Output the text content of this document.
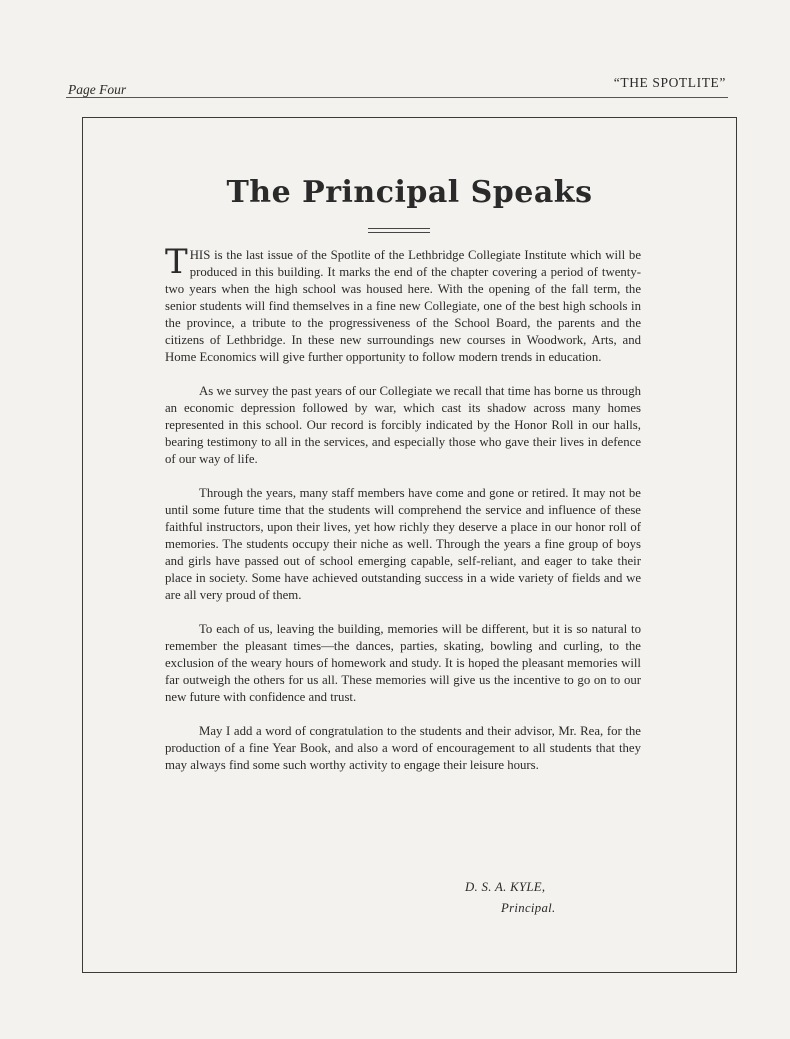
Page Four	“THE SPOTLITE”
The Principal Speaks

THIS is the last issue of the Spotlite of the Lethbridge Collegiate Institute which will be produced in this building. It marks the end of the chapter covering a period of twenty-two years when the high school was housed here. With the opening of the fall term, the senior students will find themselves in a fine new Collegiate, one of the best high schools in the province, a tribute to the progressiveness of the School Board, the parents and the citizens of Lethbridge. In these new surroundings new courses in Woodwork, Arts, and Home Economics will give further opportunity to follow modern trends in education.

As we survey the past years of our Collegiate we recall that time has borne us through an economic depression followed by war, which cast its shadow across many homes represented in this school. Our record is forcibly indicated by the Honor Roll in our halls, bearing testimony to all in the services, and especially those who gave their lives in defence of our way of life.

Through the years, many staff members have come and gone or retired. It may not be until some future time that the students will comprehend the service and influence of these faithful instructors, upon their lives, yet how richly they deserve a place in our honor roll of memories. The students occupy their niche as well. Through the years a fine group of boys and girls have passed out of school emerging capable, self-reliant, and eager to take their place in society. Some have achieved outstanding success in a wide variety of fields and we are all very proud of them.

To each of us, leaving the building, memories will be different, but it is so natural to remember the pleasant times—the dances, parties, skating, bowling and curling, to the exclusion of the weary hours of homework and study. It is hoped the pleasant memories will far outweigh the others for us all. These memories will give us the incentive to go on to our new future with confidence and trust.

May I add a word of congratulation to the students and their advisor, Mr. Rea, for the production of a fine Year Book, and also a word of encouragement to all students that they may always find some such worthy activity to engage their leisure hours.

D. S. A. KYLE,
Principal.
